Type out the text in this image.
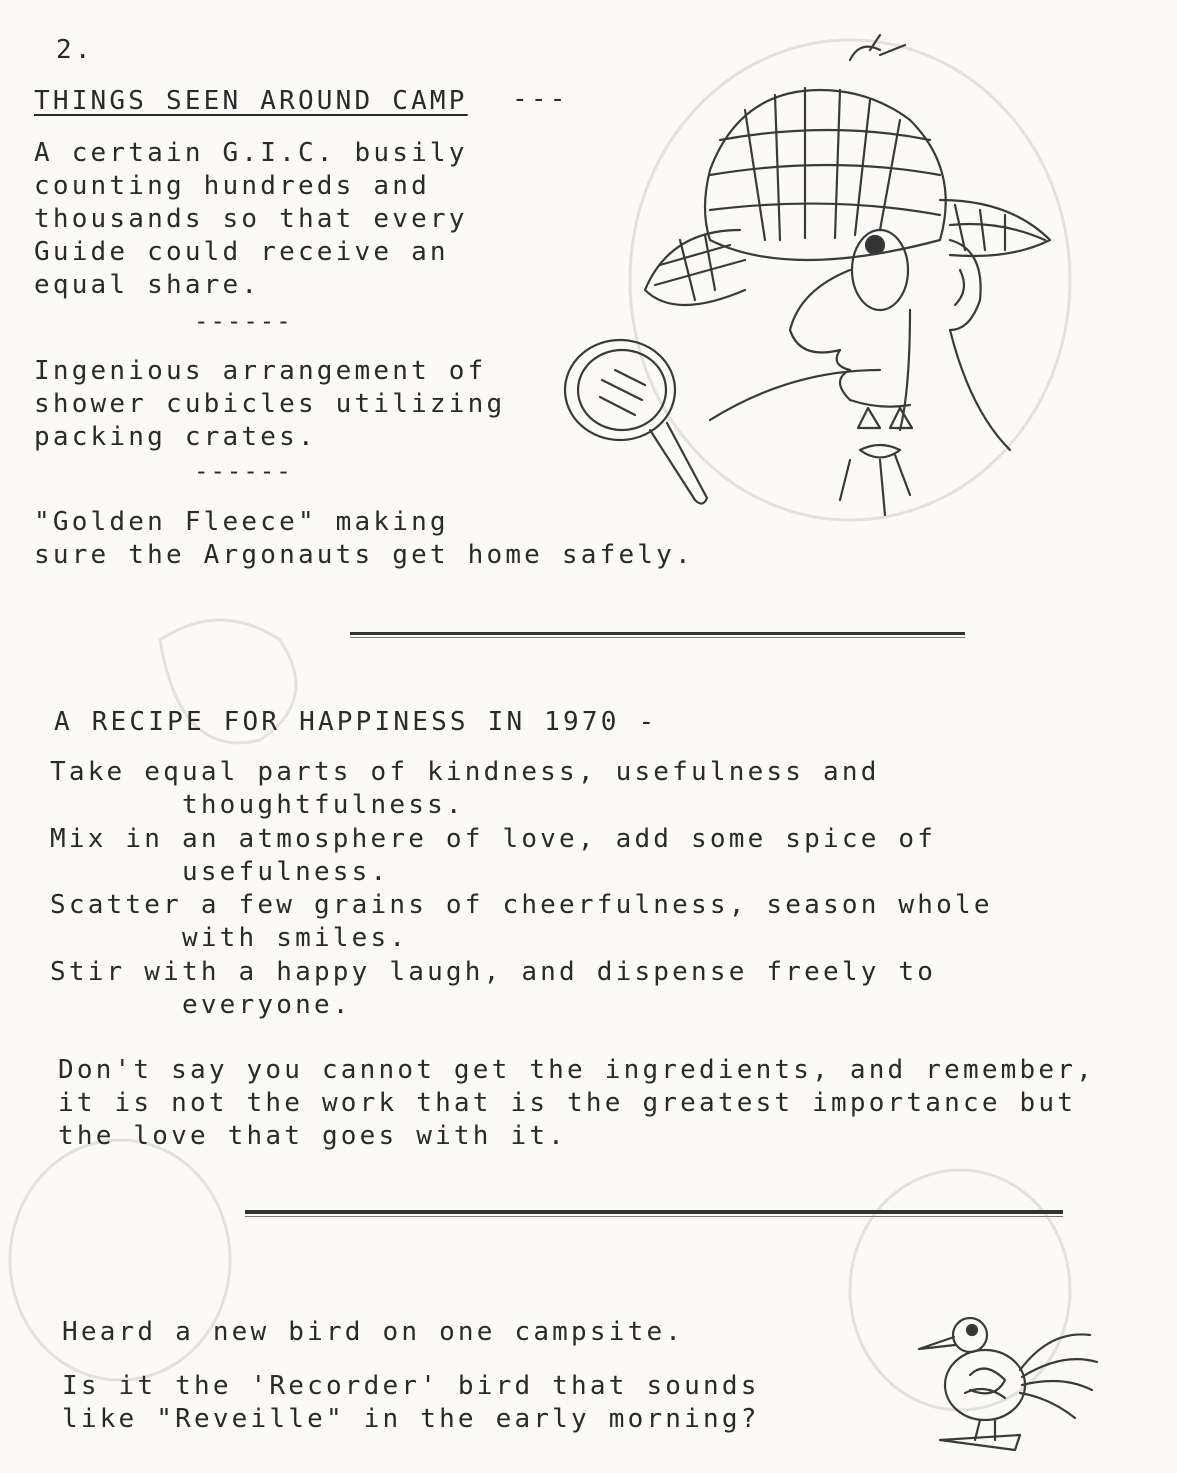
2.
THINGS SEEN AROUND CAMP ---
A certain G.I.C. busily
counting hundreds and
thousands so that every
Guide could receive an
equal share.
------
Ingenious arrangement of
shower cubicles utilizing
packing crates.
------
"Golden Fleece" making
sure the Argonauts get home safely.
A RECIPE FOR HAPPINESS IN 1970 -
Take equal parts of kindness, usefulness and
thoughtfulness.
Mix in an atmosphere of love, add some spice of
usefulness.
Scatter a few grains of cheerfulness, season whole
with smiles.
Stir with a happy laugh, and dispense freely to
everyone.
Don't say you cannot get the ingredients, and remember,
it is not the work that is the greatest importance but
the love that goes with it.
Heard a new bird on one campsite.
Is it the 'Recorder' bird that sounds
like "Reveille" in the early morning?
